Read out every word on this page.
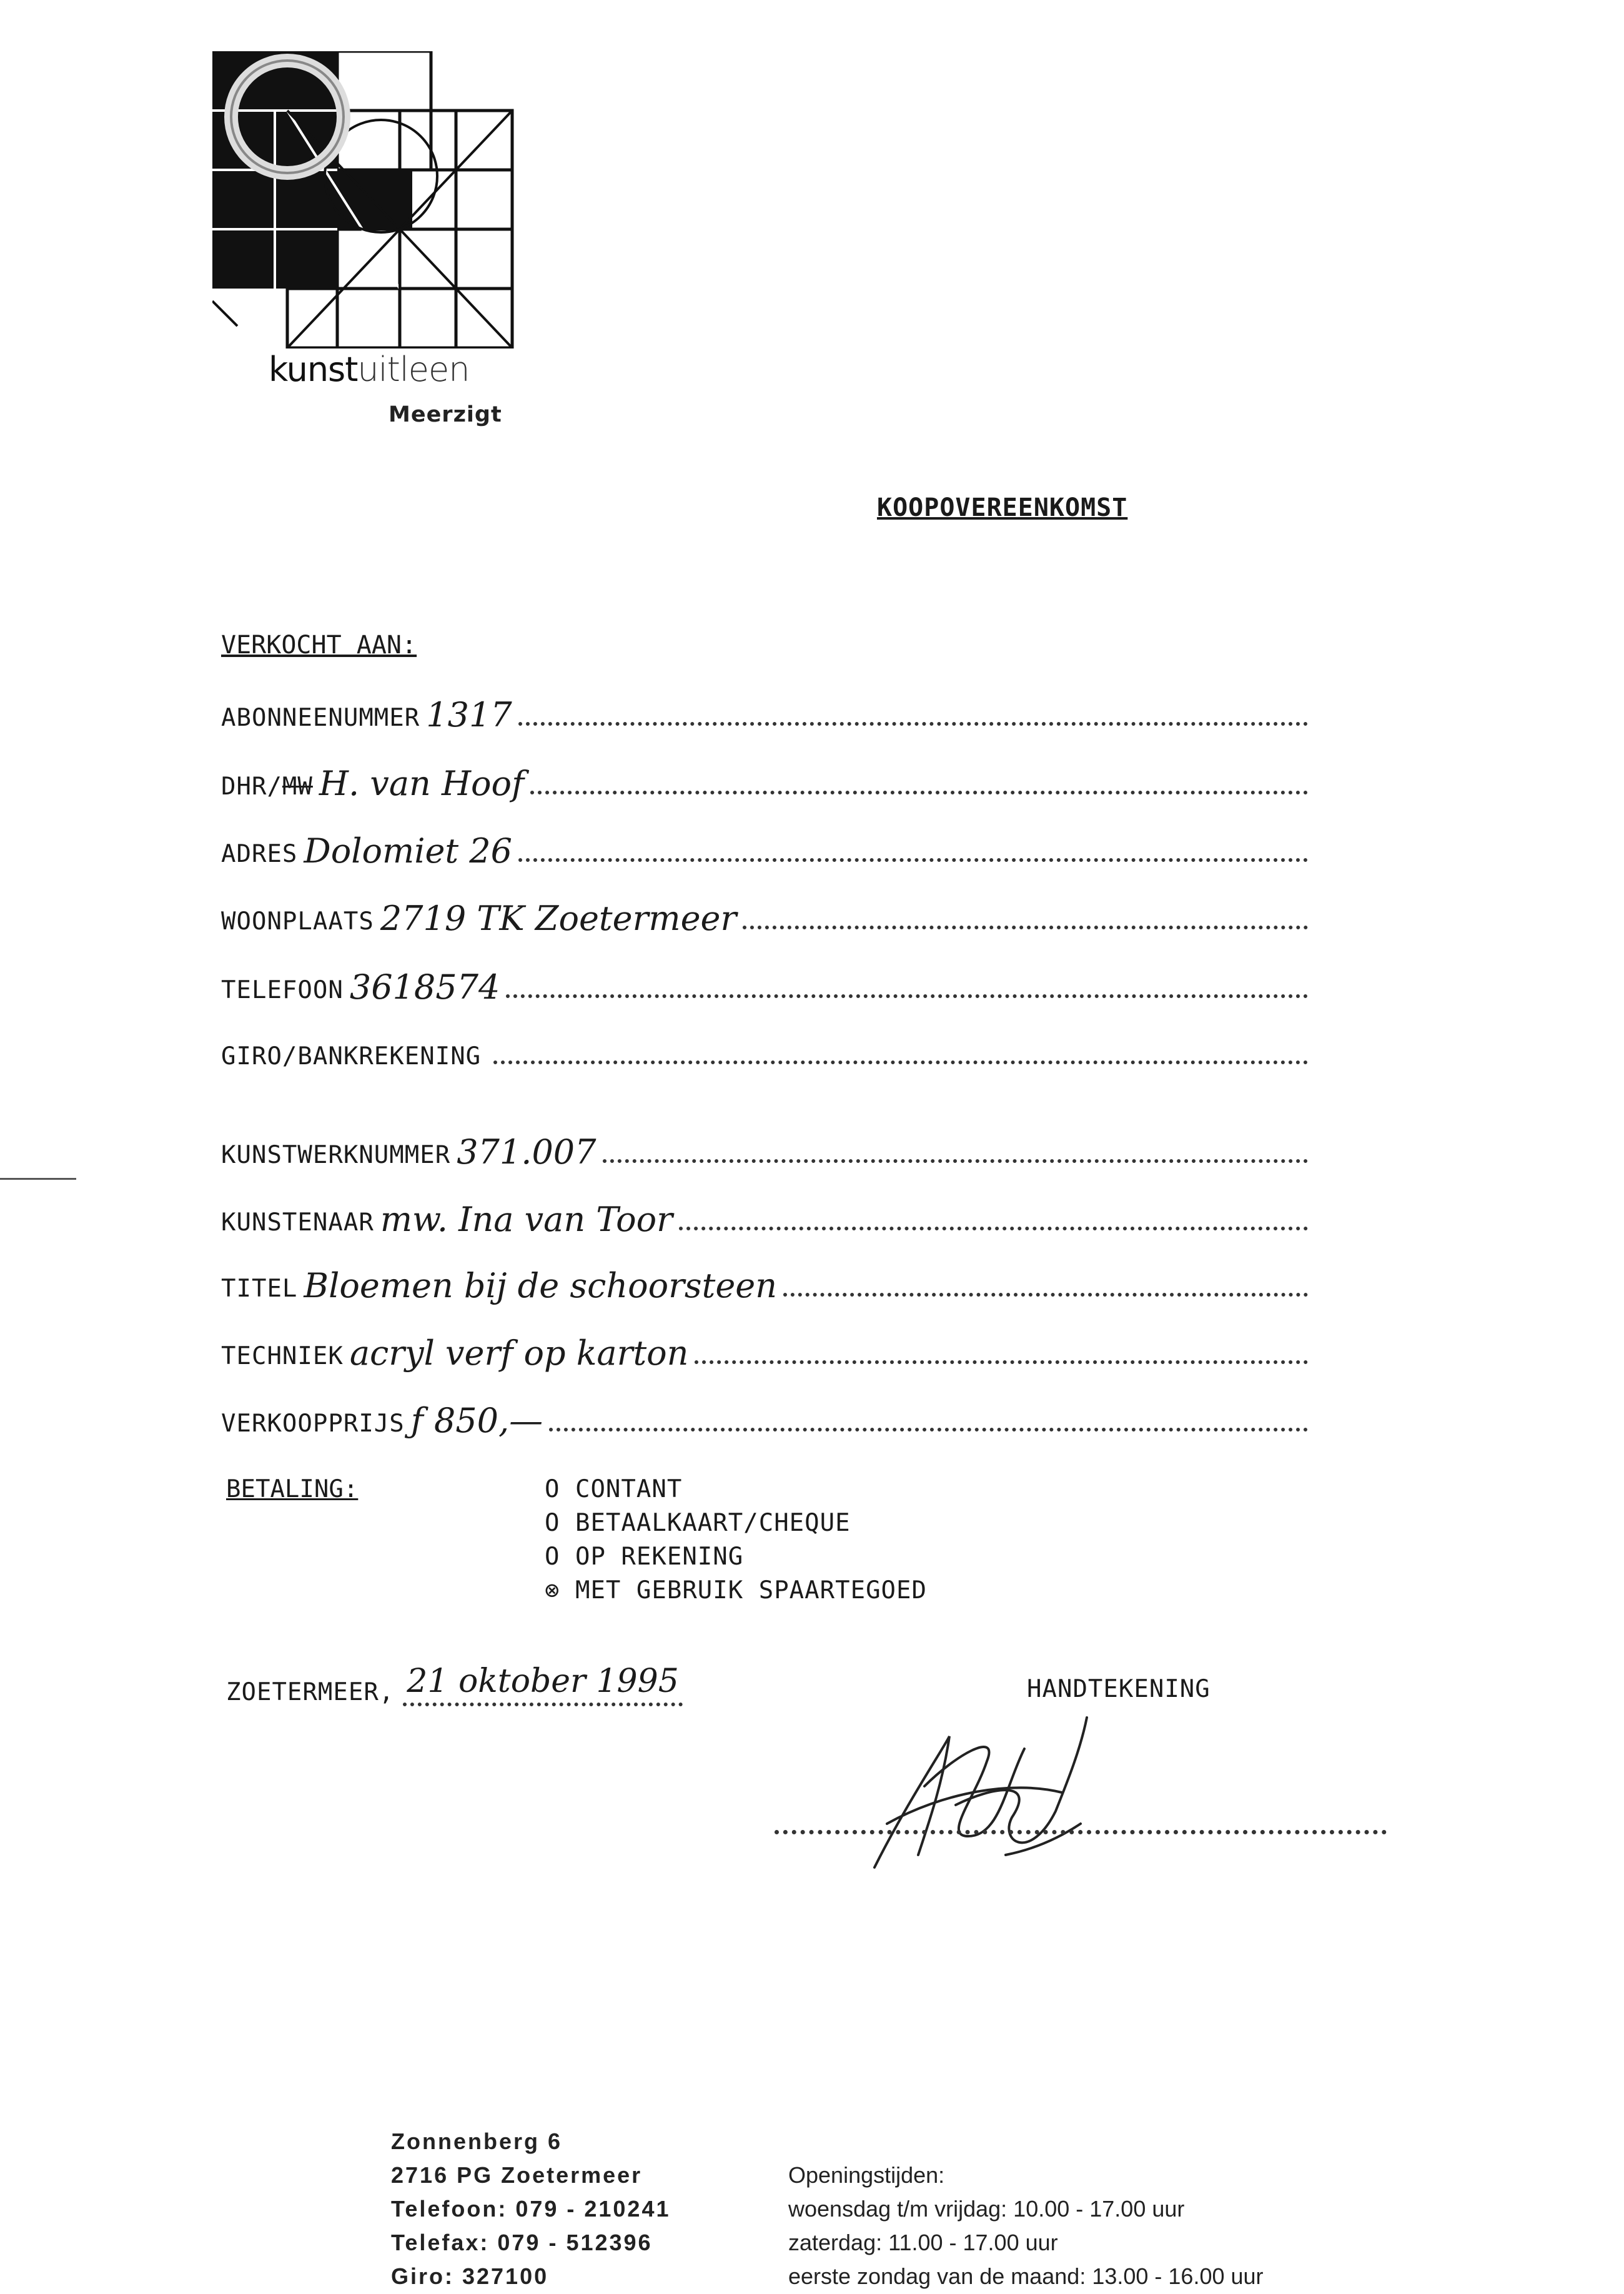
kunstuitleen
Meerzigt
KOOPOVEREENKOMST
VERKOCHT AAN:
ABONNEENUMMER 1317
DHR/MW H. van Hoof
ADRES Dolomiet 26
WOONPLAATS 2719 TK Zoetermeer
TELEFOON 3618574
GIRO/BANKREKENING
KUNSTWERKNUMMER 371.007
KUNSTENAAR mw. Ina van Toor
TITEL Bloemen bij de schoorsteen
TECHNIEK acryl verf op karton
VERKOOPPRIJS ƒ 850,—
BETALING:	O CONTANT
O BETAALKAART/CHEQUE
O OP REKENING
⊗ MET GEBRUIK SPAARTEGOED
ZOETERMEER, 21 oktober 1995	HANDTEKENING
Zonnenberg 6
2716 PG Zoetermeer
Telefoon: 079 - 210241
Telefax: 079 - 512396
Giro: 327100
Openingstijden:
woensdag t/m vrijdag: 10.00 - 17.00 uur
zaterdag: 11.00 - 17.00 uur
eerste zondag van de maand: 13.00 - 16.00 uur
